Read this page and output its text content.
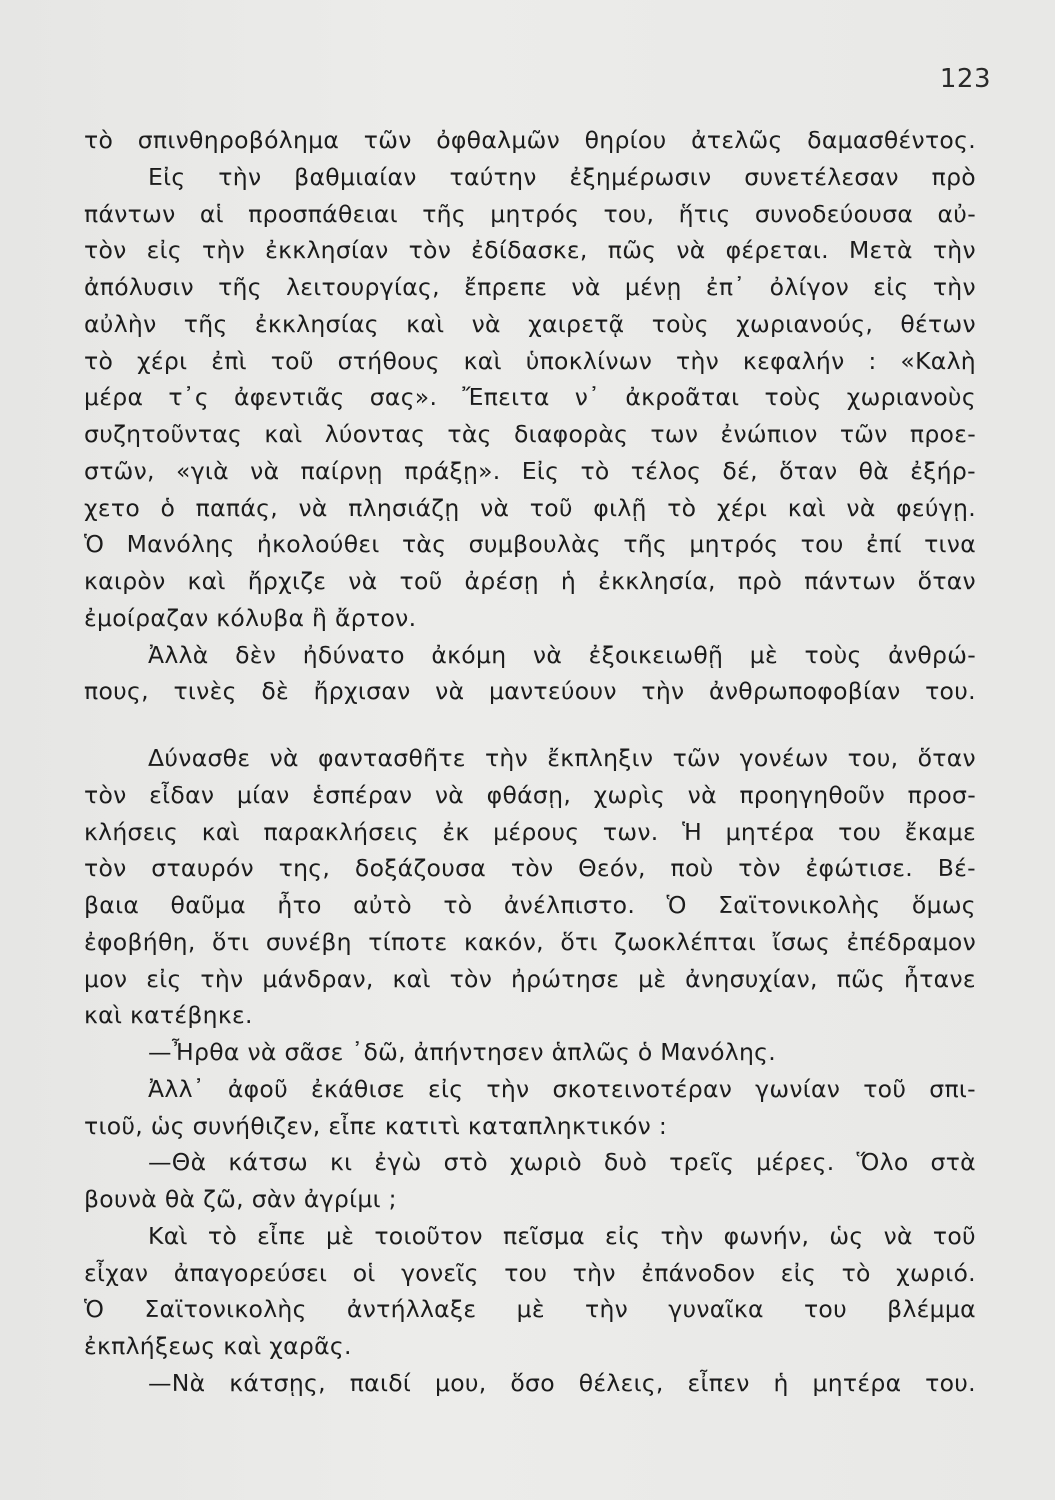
123
τὸ σπινθηροβόλημα τῶν ὀφθαλμῶν θηρίου ἀτελῶς δαμασθέντος.
Εἰς τὴν βαθμιαίαν ταύτην ἐξημέρωσιν συνετέλεσαν πρὸ
πάντων αἱ προσπάθειαι τῆς μητρός του, ἥτις συνοδεύουσα αὐ-
τὸν εἰς τὴν ἐκκλησίαν τὸν ἐδίδασκε, πῶς νὰ φέρεται. Μετὰ τὴν
ἀπόλυσιν τῆς λειτουργίας, ἔπρεπε νὰ μένῃ ἐπ᾿ ὀλίγον εἰς τὴν
αὐλὴν τῆς ἐκκλησίας καὶ νὰ χαιρετᾷ τοὺς χωριανούς, θέτων
τὸ χέρι ἐπὶ τοῦ στήθους καὶ ὑποκλίνων τὴν κεφαλήν : «Καλὴ
μέρα τ᾿ς ἀφεντιᾶς σας». Ἔπειτα ν᾿ ἀκροᾶται τοὺς χωριανοὺς
συζητοῦντας καὶ λύοντας τὰς διαφορὰς των ἐνώπιον τῶν προε-
στῶν, «γιὰ νὰ παίρνῃ πράξῃ». Εἰς τὸ τέλος δέ, ὅταν θὰ ἐξήρ-
χετο ὁ παπάς, νὰ πλησιάζῃ νὰ τοῦ φιλῇ τὸ χέρι καὶ νὰ φεύγῃ.
Ὁ Μανόλης ἠκολούθει τὰς συμβουλὰς τῆς μητρός του ἐπί τινα
καιρὸν καὶ ἤρχιζε νὰ τοῦ ἀρέσῃ ἡ ἐκκλησία, πρὸ πάντων ὅταν
ἐμοίραζαν κόλυβα ἢ ἄρτον.
Ἀλλὰ δὲν ἠδύνατο ἀκόμη νὰ ἐξοικειωθῇ μὲ τοὺς ἀνθρώ-
πους, τινὲς δὲ ἤρχισαν νὰ μαντεύουν τὴν ἀνθρωποφοβίαν του.
Δύνασθε νὰ φαντασθῆτε τὴν ἔκπληξιν τῶν γονέων του, ὅταν
τὸν εἶδαν μίαν ἑσπέραν νὰ φθάσῃ, χωρὶς νὰ προηγηθοῦν προσ-
κλήσεις καὶ παρακλήσεις ἐκ μέρους των. Ἡ μητέρα του ἔκαμε
τὸν σταυρόν της, δοξάζουσα τὸν Θεόν, ποὺ τὸν ἐφώτισε. Βέ-
βαια θαῦμα ἦτο αὐτὸ τὸ ἀνέλπιστο. Ὁ Σαϊτονικολὴς ὅμως
ἐφοβήθη, ὅτι συνέβη τίποτε κακόν, ὅτι ζωοκλέπται ἴσως ἐπέδραμον
μον εἰς τὴν μάνδραν, καὶ τὸν ἠρώτησε μὲ ἀνησυχίαν, πῶς ἦτανε
καὶ κατέβηκε.
—Ἦρθα νὰ σᾶσε ᾿δῶ, ἀπήντησεν ἁπλῶς ὁ Μανόλης.
Ἀλλ᾿ ἀφοῦ ἐκάθισε εἰς τὴν σκοτεινοτέραν γωνίαν τοῦ σπι-
τιοῦ, ὡς συνήθιζεν, εἶπε κατιτὶ καταπληκτικόν :
—Θὰ κάτσω κι ἐγὼ στὸ χωριὸ δυὸ τρεῖς μέρες. Ὅλο στὰ
βουνὰ θὰ ζῶ, σὰν ἀγρίμι ;
Καὶ τὸ εἶπε μὲ τοιοῦτον πεῖσμα εἰς τὴν φωνήν, ὡς νὰ τοῦ
εἶχαν ἀπαγορεύσει οἱ γονεῖς του τὴν ἐπάνοδον εἰς τὸ χωριό.
Ὁ Σαϊτονικολὴς ἀντήλλαξε μὲ τὴν γυναῖκα του βλέμμα
ἐκπλήξεως καὶ χαρᾶς.
—Νὰ κάτσῃς, παιδί μου, ὅσο θέλεις, εἶπεν ἡ μητέρα του.
